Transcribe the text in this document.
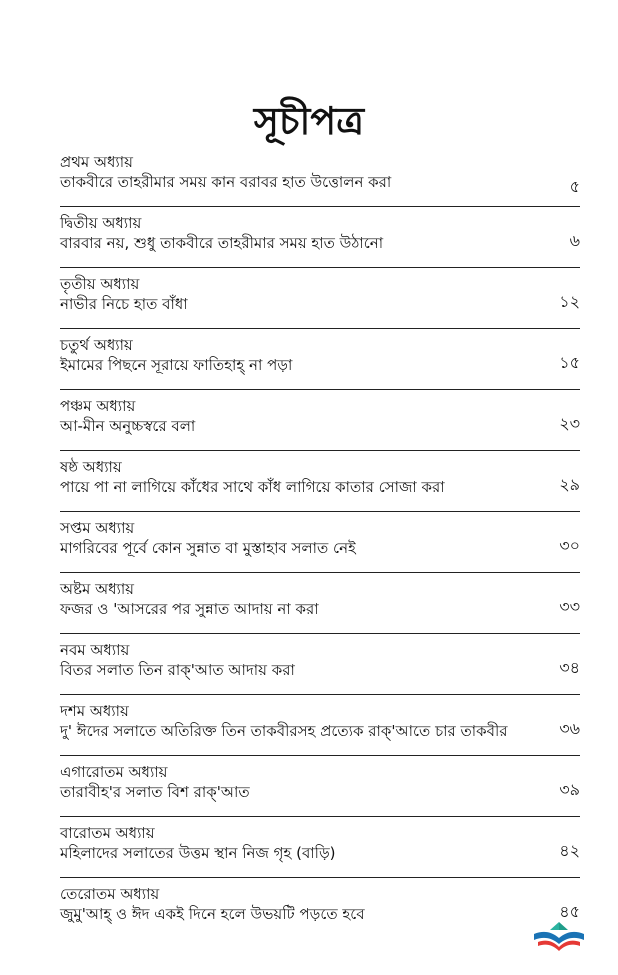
সূচীপত্র
প্রথম অধ্যায়
তাকবীরে তাহরীমার সময় কান বরাবর হাত উত্তোলন করা	৫
দ্বিতীয় অধ্যায়
বারবার নয়, শুধু তাকবীরে তাহরীমার সময় হাত উঠানো	৬
তৃতীয় অধ্যায়
নাভীর নিচে হাত বাঁধা	১২
চতুর্থ অধ্যায়
ইমামের পিছনে সূরায়ে ফাতিহাহ্ না পড়া	১৫
পঞ্চম অধ্যায়
আ-মীন অনুচ্চস্বরে বলা	২৩
ষষ্ঠ অধ্যায়
পায়ে পা না লাগিয়ে কাঁধের সাথে কাঁধ লাগিয়ে কাতার সোজা করা	২৯
সপ্তম অধ্যায়
মাগরিবের পূর্বে কোন সুন্নাত বা মুস্তাহাব সলাত নেই	৩০
অষ্টম অধ্যায়
ফজর ও 'আসরের পর সুন্নাত আদায় না করা	৩৩
নবম অধ্যায়
বিতর সলাত তিন রাক্'আত আদায় করা	৩৪
দশম অধ্যায়
দু' ঈদের সলাতে অতিরিক্ত তিন তাকবীরসহ প্রত্যেক রাক্'আতে চার তাকবীর	৩৬
এগারোতম অধ্যায়
তারাবীহ'র সলাত বিশ রাক্'আত	৩৯
বারোতম অধ্যায়
মহিলাদের সলাতের উত্তম স্থান নিজ গৃহ (বাড়ি)	৪২
তেরোতম অধ্যায়
জুমু'আহ্ ও ঈদ একই দিনে হলে উভয়টি পড়তে হবে	৪৫
